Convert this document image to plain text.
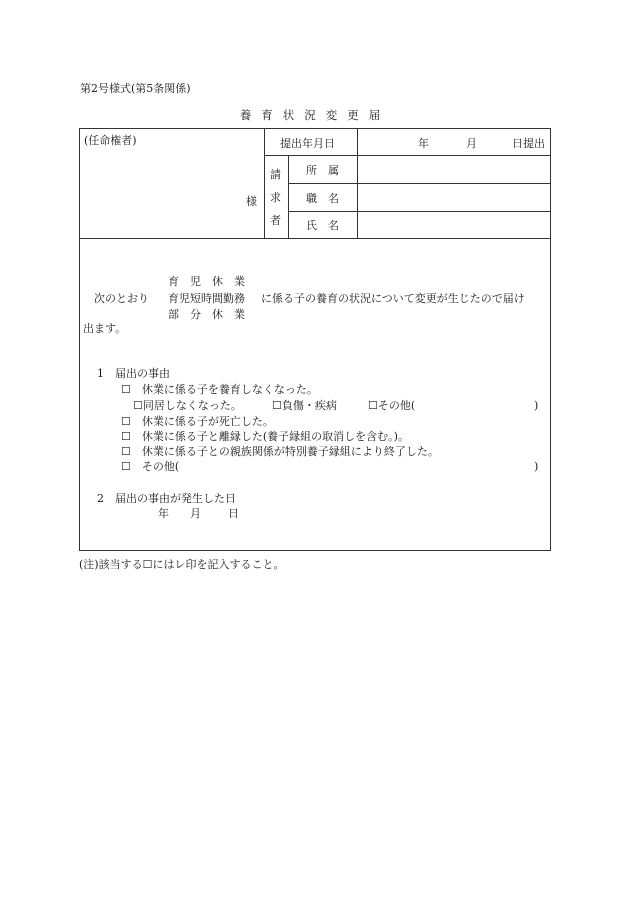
第2号様式(第5条関係)
養育状況変更届
(任命権者)
様
提出年月日	年	月	日提出
請
求
者
所　属
職　名
氏　名
育　児　休　業
次のとおり 育児短時間勤務 に係る子の養育の状況について変更が生じたので届け
部　分　休　業
出ます。
1　届出の事由
☐　 休業に係る子を養育しなくなった。
☐同居しなくなった。	☐負傷・疾病	☐その他(	)
☐　 休業に係る子が死亡した。
☐　 休業に係る子と離縁した(養子縁組の取消しを含む。)。
☐　 休業に係る子との親族関係が特別養子縁組により終了した。
☐　 その他(	)
2　届出の事由が発生した日
年 月 日
(注)該当する☐にはレ印を記入すること。
